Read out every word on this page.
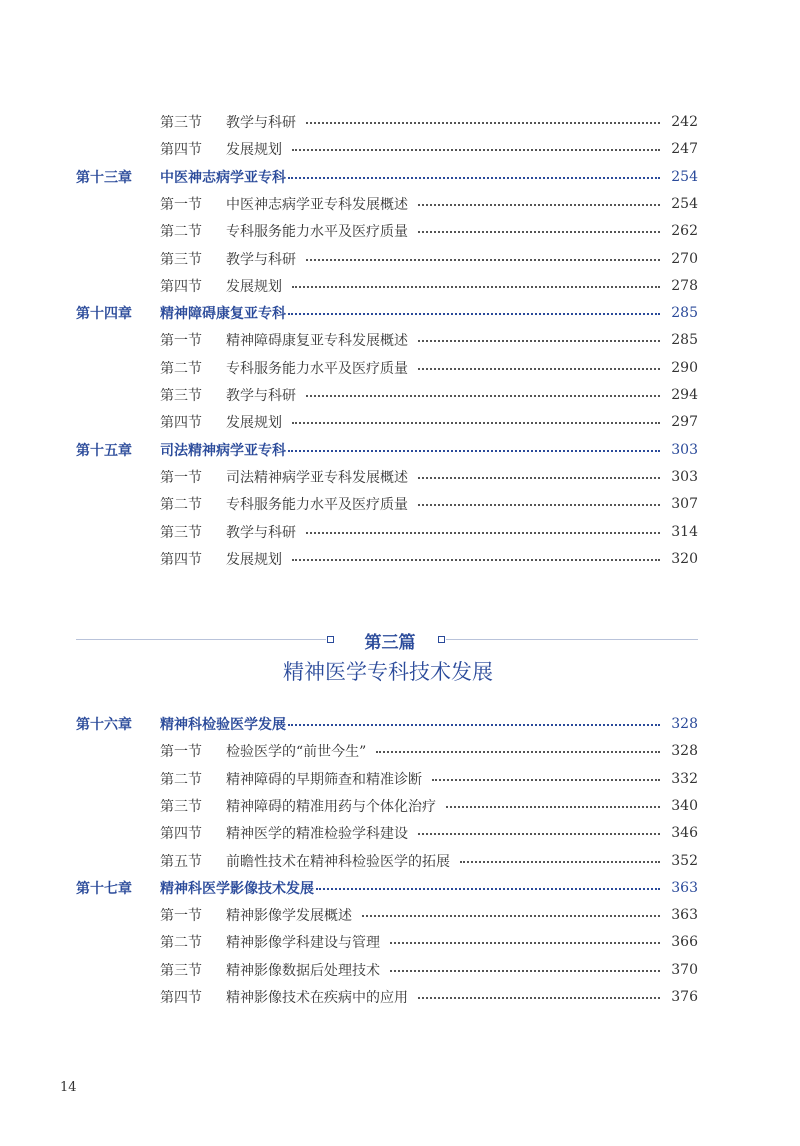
第三节	教学与科研	242
第四节	发展规划	247
第十三章	中医神志病学亚专科	254
第一节	中医神志病学亚专科发展概述	254
第二节	专科服务能力水平及医疗质量	262
第三节	教学与科研	270
第四节	发展规划	278
第十四章	精神障碍康复亚专科	285
第一节	精神障碍康复亚专科发展概述	285
第二节	专科服务能力水平及医疗质量	290
第三节	教学与科研	294
第四节	发展规划	297
第十五章	司法精神病学亚专科	303
第一节	司法精神病学亚专科发展概述	303
第二节	专科服务能力水平及医疗质量	307
第三节	教学与科研	314
第四节	发展规划	320
第三篇
精神医学专科技术发展
第十六章	精神科检验医学发展	328
第一节	检验医学的“前世今生”	328
第二节	精神障碍的早期筛查和精准诊断	332
第三节	精神障碍的精准用药与个体化治疗	340
第四节	精神医学的精准检验学科建设	346
第五节	前瞻性技术在精神科检验医学的拓展	352
第十七章	精神科医学影像技术发展	363
第一节	精神影像学发展概述	363
第二节	精神影像学科建设与管理	366
第三节	精神影像数据后处理技术	370
第四节	精神影像技术在疾病中的应用	376
14
